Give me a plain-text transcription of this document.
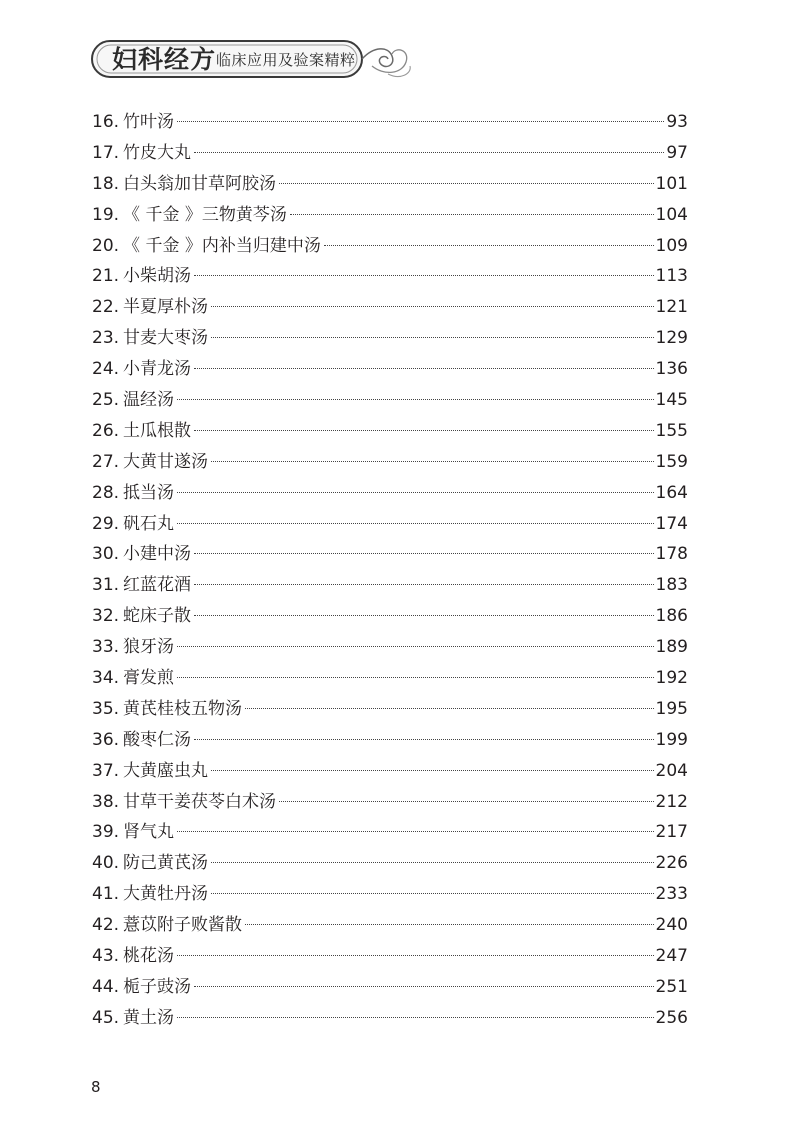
妇科经方 临床应用及验案精粹
16. 竹叶汤	93
17. 竹皮大丸	97
18. 白头翁加甘草阿胶汤	101
19. 《 千金 》三物黄芩汤	104
20. 《 千金 》内补当归建中汤	109
21. 小柴胡汤	113
22. 半夏厚朴汤	121
23. 甘麦大枣汤	129
24. 小青龙汤	136
25. 温经汤	145
26. 土瓜根散	155
27. 大黄甘遂汤	159
28. 抵当汤	164
29. 矾石丸	174
30. 小建中汤	178
31. 红蓝花酒	183
32. 蛇床子散	186
33. 狼牙汤	189
34. 膏发煎	192
35. 黄芪桂枝五物汤	195
36. 酸枣仁汤	199
37. 大黄䗪虫丸	204
38. 甘草干姜茯苓白术汤	212
39. 肾气丸	217
40. 防己黄芪汤	226
41. 大黄牡丹汤	233
42. 薏苡附子败酱散	240
43. 桃花汤	247
44. 栀子豉汤	251
45. 黄土汤	256
8
